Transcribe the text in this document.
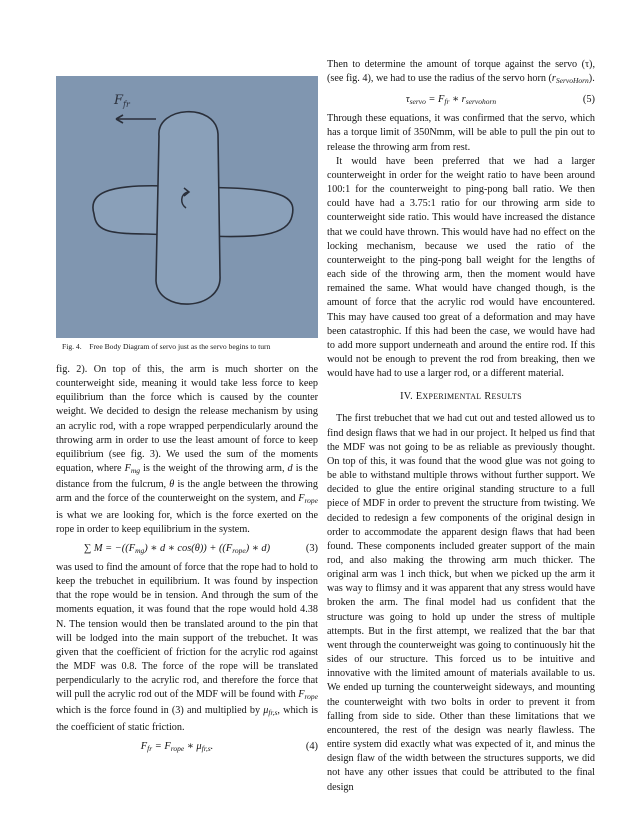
$F_{fr}$
Fig. 4. Free Body Diagram of servo just as the servo begins to turn

fig. 2). On top of this, the arm is much shorter on the counterweight side, meaning it would take less force to keep equilibrium than the force which is caused by the counter weight. We decided to design the release mechanism by using an acrylic rod, with a rope wrapped perpendicularly around the throwing arm in order to use the least amount of force to keep equilibrium (see fig. 3). We used the sum of the moments equation, where $F_{mg}$ is the weight of the throwing arm, d is the distance from the fulcrum, θ is the angle between the throwing arm and the force of the counterweight on the system, and $F_{rope}$ is what we are looking for, which is the force exerted on the rope in order to keep equilibrium in the system.

∑ $M = -((F_{mg})$ ∗ d ∗ $\cos(\theta)) + ((F_{rope})$ ∗ d)	(3)

was used to find the amount of force that the rope had to hold to keep the trebuchet in equilibrium. It was found by inspection that the rope would be in tension. And through the sum of the moments equation, it was found that the rope would hold 4.38 N. The tension would then be translated around to the pin that will be lodged into the main support of the trebuchet. It was given that the coefficient of friction for the acrylic rod against the MDF was 0.8. The force of the rope will be translated perpendicularly to the acrylic rod, and therefore the force that will pull the acrylic rod out of the MDF will be found with $F_{rope}$ which is the force found in (3) and multiplied by $\mu_{fr,s}$, which is the coefficient of static friction.

$F_{fr} = F_{rope}$ ∗ $\mu_{fr,s}$.	(4)

Then to determine the amount of torque against the servo (τ), (see fig. 4), we had to use the radius of the servo horn $(r_{ServoHorn})$.

$\tau_{servo} = F_{fr}$ ∗ $r_{servohorn}$	(5)

Through these equations, it was confirmed that the servo, which has a torque limit of 350Nmm, will be able to pull the pin out to release the throwing arm from rest.

It would have been preferred that we had a larger counterweight in order for the weight ratio to have been around 100:1 for the counterweight to ping-pong ball ratio. We then could have had a 3.75:1 ratio for our throwing arm side to counterweight side ratio. This would have increased the distance that we could have thrown. This would have had no effect on the locking mechanism, because we used the ratio of the counterweight to the ping-pong ball weight for the lengths of each side of the throwing arm, then the moment would have remained the same. What would have changed though, is the amount of force that the acrylic rod would have encountered. This may have caused too great of a deformation and may have been catastrophic. If this had been the case, we would have had to add more support underneath and around the entire rod. If this would not be enough to prevent the rod from breaking, then we would have had to use a larger rod, or a different material.

IV. EXPERIMENTAL RESULTS

The first trebuchet that we had cut out and tested allowed us to find design flaws that we had in our project. It helped us find that the MDF was not going to be as reliable as previously thought. On top of this, it was found that the wood glue was not going to be able to withstand multiple throws without further support. We decided to glue the entire original standing structure to a full piece of MDF in order to prevent the structure from twisting. We decided to redesign a few components of the original design in order to accommodate the apparent design flaws that had been found. These components included greater support of the main rod, and also making the throwing arm much thicker. The original arm was 1 inch thick, but when we picked up the arm it was way to flimsy and it was apparent that any stress would have broken the arm. The final model had us confident that the structure was going to hold up under the stress of multiple attempts. But in the first attempt, we realized that the bar that went through the counterweight was going to continuously hit the sides of our structure. This forced us to be intuitive and innovative with the limited amount of materials available to us. We ended up turning the counterweight sideways, and mounting the counterweight with two bolts in order to prevent it from falling from side to side. Other than these limitations that we encountered, the rest of the design was nearly flawless. The entire system did exactly what was expected of it, and minus the design flaw of the width between the structures supports, we did not have any other issues that could be attributed to the final design
